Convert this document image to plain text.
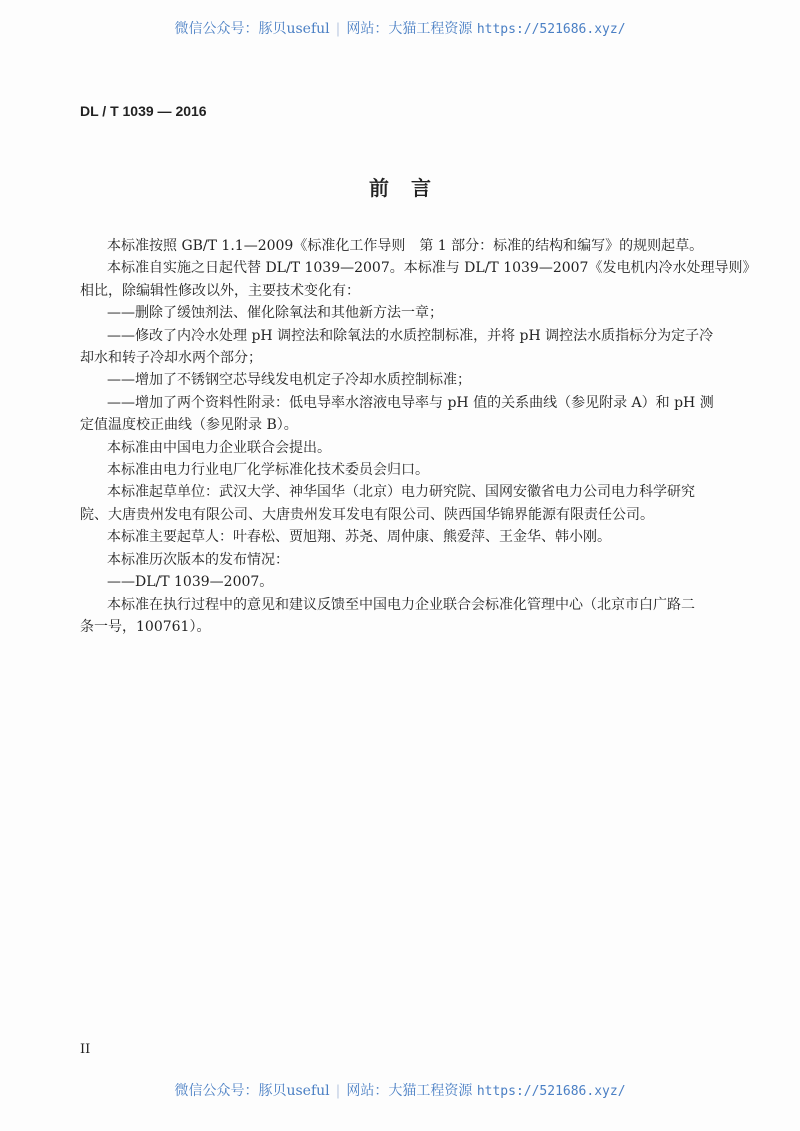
微信公众号：豚贝useful | 网站：大猫工程资源 https://521686.xyz/
DL / T 1039 — 2016
前言
本标准按照 GB/T 1.1—2009《标准化工作导则　第 1 部分：标准的结构和编写》的规则起草。
本标准自实施之日起代替 DL/T 1039—2007。本标准与 DL/T 1039—2007《发电机内冷水处理导则》
相比，除编辑性修改以外，主要技术变化有：
——删除了缓蚀剂法、催化除氧法和其他新方法一章；
——修改了内冷水处理 pH 调控法和除氧法的水质控制标准，并将 pH 调控法水质指标分为定子冷
却水和转子冷却水两个部分；
——增加了不锈钢空芯导线发电机定子冷却水质控制标准；
——增加了两个资料性附录：低电导率水溶液电导率与 pH 值的关系曲线（参见附录 A）和 pH 测
定值温度校正曲线（参见附录 B）。
本标准由中国电力企业联合会提出。
本标准由电力行业电厂化学标准化技术委员会归口。
本标准起草单位：武汉大学、神华国华（北京）电力研究院、国网安徽省电力公司电力科学研究
院、大唐贵州发电有限公司、大唐贵州发耳发电有限公司、陕西国华锦界能源有限责任公司。
本标准主要起草人：叶春松、贾旭翔、苏尧、周仲康、熊爱萍、王金华、韩小刚。
本标准历次版本的发布情况：
——DL/T 1039—2007。
本标准在执行过程中的意见和建议反馈至中国电力企业联合会标准化管理中心（北京市白广路二
条一号，100761）。
II
微信公众号：豚贝useful | 网站：大猫工程资源 https://521686.xyz/
